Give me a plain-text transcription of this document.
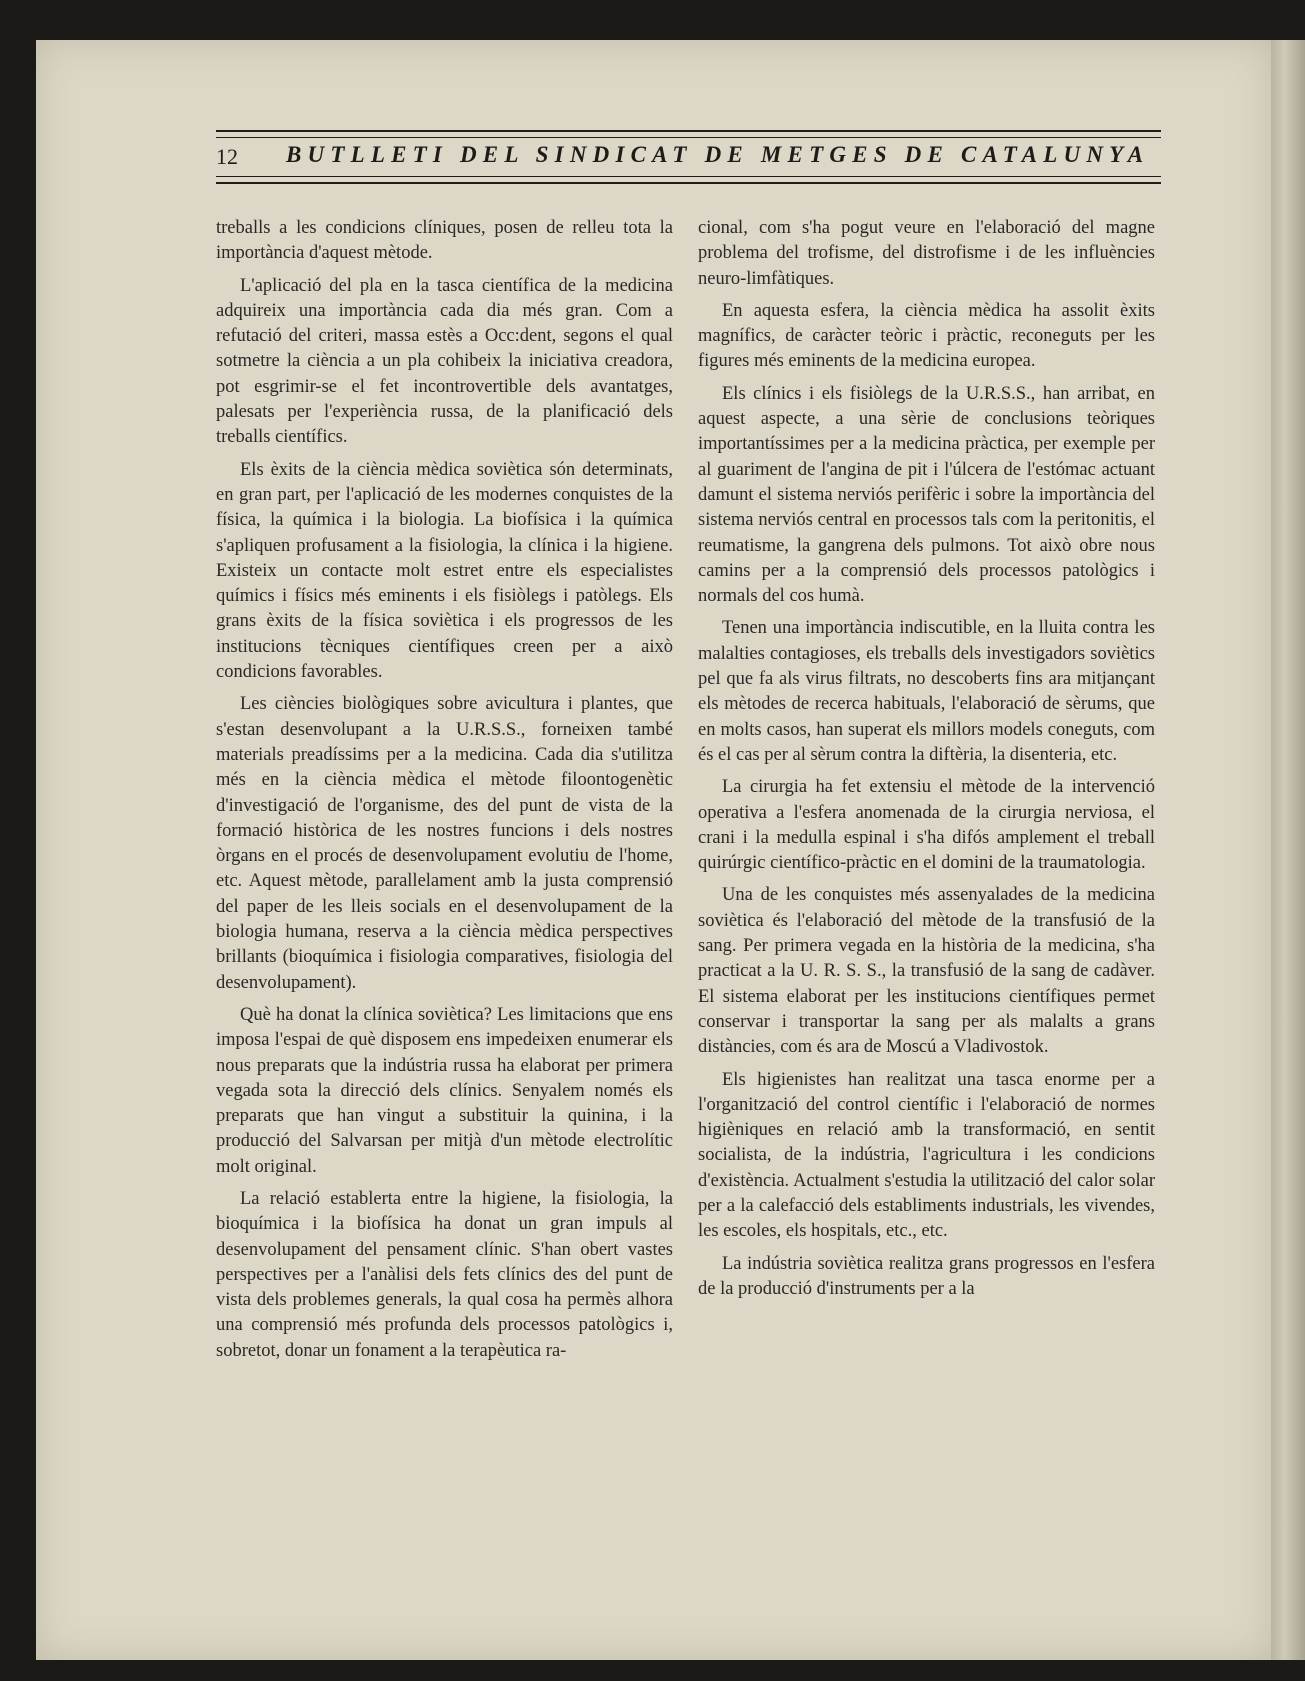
12 BUTLLETI DEL SINDICAT DE METGES DE CATALUNYA

treballs a les condicions clíniques, posen de relleu tota la importància d'aquest mètode.

L'aplicació del pla en la tasca científica de la medicina adquireix una importància cada dia més gran. Com a refutació del criteri, massa estès a Occ:dent, segons el qual sotmetre la ciència a un pla cohibeix la iniciativa creadora, pot esgrimir-se el fet incontrovertible dels avantatges, palesats per l'experiència russa, de la planificació dels treballs científics.

Els èxits de la ciència mèdica soviètica són determinats, en gran part, per l'aplicació de les modernes conquistes de la física, la química i la biologia. La biofísica i la química s'apliquen profusament a la fisiologia, la clínica i la higiene. Existeix un contacte molt estret entre els especialistes químics i físics més eminents i els fisiòlegs i patòlegs. Els grans èxits de la física soviètica i els progressos de les institucions tècniques científiques creen per a això condicions favorables.

Les ciències biològiques sobre avicultura i plantes, que s'estan desenvolupant a la U.R.S.S., forneixen també materials preadíssims per a la medicina. Cada dia s'utilitza més en la ciència mèdica el mètode filoontogenètic d'investigació de l'organisme, des del punt de vista de la formació històrica de les nostres funcions i dels nostres òrgans en el procés de desenvolupament evolutiu de l'home, etc. Aquest mètode, parallelament amb la justa comprensió del paper de les lleis socials en el desenvolupament de la biologia humana, reserva a la ciència mèdica perspectives brillants (bioquímica i fisiologia comparatives, fisiologia del desenvolupament).

Què ha donat la clínica soviètica? Les limitacions que ens imposa l'espai de què disposem ens impedeixen enumerar els nous preparats que la indústria russa ha elaborat per primera vegada sota la direcció dels clínics. Senyalem només els preparats que han vingut a substituir la quinina, i la producció del Salvarsan per mitjà d'un mètode electrolític molt original.

La relació establerta entre la higiene, la fisiologia, la bioquímica i la biofísica ha donat un gran impuls al desenvolupament del pensament clínic. S'han obert vastes perspectives per a l'anàlisi dels fets clínics des del punt de vista dels problemes generals, la qual cosa ha permès alhora una comprensió més profunda dels processos patològics i, sobretot, donar un fonament a la terapèutica ra-

cional, com s'ha pogut veure en l'elaboració del magne problema del trofisme, del distrofisme i de les influències neuro-limfàtiques.

En aquesta esfera, la ciència mèdica ha assolit èxits magnífics, de caràcter teòric i pràctic, reconeguts per les figures més eminents de la medicina europea.

Els clínics i els fisiòlegs de la U.R.S.S., han arribat, en aquest aspecte, a una sèrie de conclusions teòriques importantíssimes per a la medicina pràctica, per exemple per al guariment de l'angina de pit i l'úlcera de l'estómac actuant damunt el sistema nerviós perifèric i sobre la importància del sistema nerviós central en processos tals com la peritonitis, el reumatisme, la gangrena dels pulmons. Tot això obre nous camins per a la comprensió dels processos patològics i normals del cos humà.

Tenen una importància indiscutible, en la lluita contra les malalties contagioses, els treballs dels investigadors soviètics pel que fa als virus filtrats, no descoberts fins ara mitjançant els mètodes de recerca habituals, l'elaboració de sèrums, que en molts casos, han superat els millors models coneguts, com és el cas per al sèrum contra la diftèria, la disenteria, etc.

La cirurgia ha fet extensiu el mètode de la intervenció operativa a l'esfera anomenada de la cirurgia nerviosa, el crani i la medulla espinal i s'ha difós amplement el treball quirúrgic científico-pràctic en el domini de la traumatologia.

Una de les conquistes més assenyalades de la medicina soviètica és l'elaboració del mètode de la transfusió de la sang. Per primera vegada en la història de la medicina, s'ha practicat a la U. R. S. S., la transfusió de la sang de cadàver. El sistema elaborat per les institucions científiques permet conservar i transportar la sang per als malalts a grans distàncies, com és ara de Moscú a Vladivostok.

Els higienistes han realitzat una tasca enorme per a l'organització del control científic i l'elaboració de normes higièniques en relació amb la transformació, en sentit socialista, de la indústria, l'agricultura i les condicions d'existència. Actualment s'estudia la utilització del calor solar per a la calefacció dels establiments industrials, les vivendes, les escoles, els hospitals, etc., etc.

La indústria soviètica realitza grans progressos en l'esfera de la producció d'instruments per a la
